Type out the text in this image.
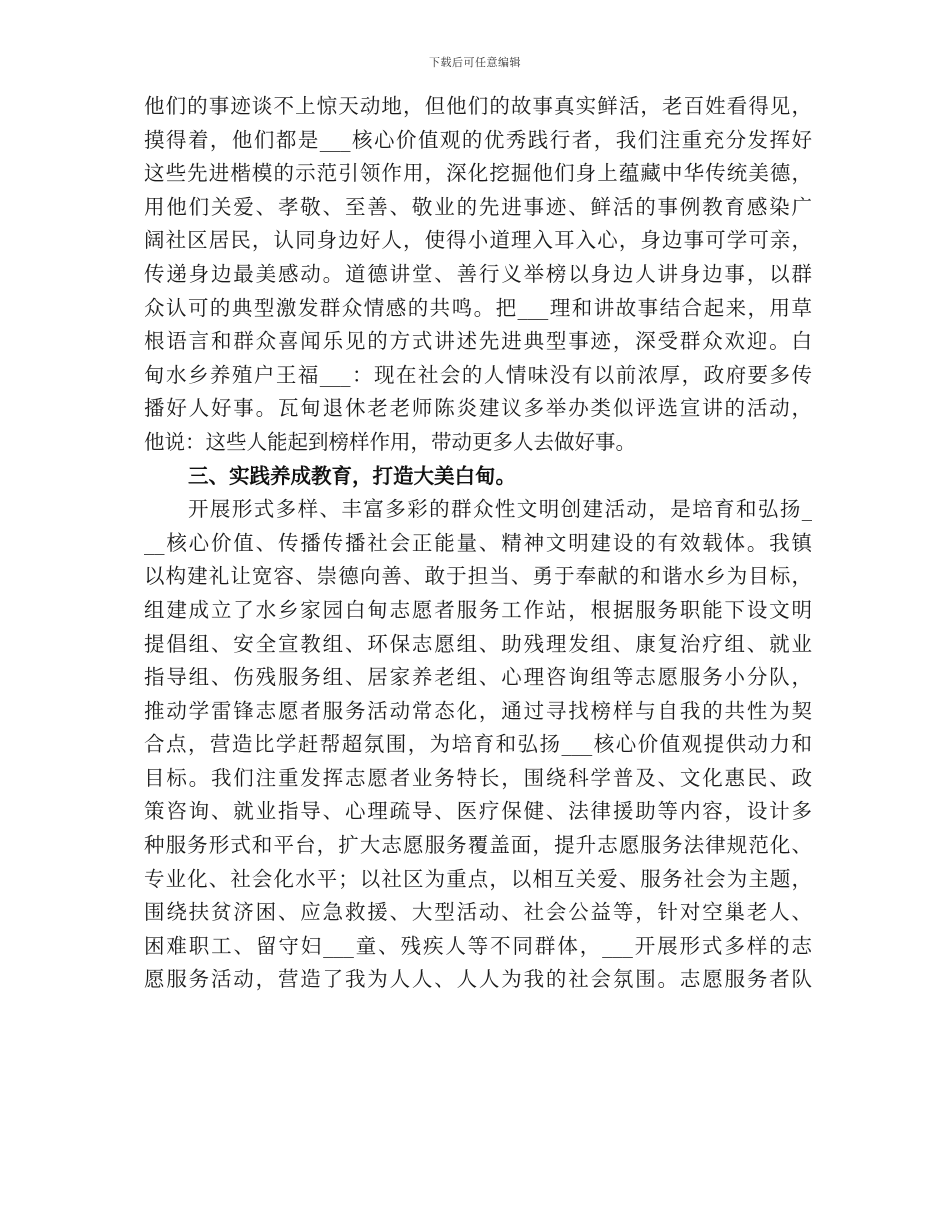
下载后可任意编辑
他们的事迹谈不上惊天动地，但他们的故事真实鲜活，老百姓看得见，
摸得着，他们都是___核心价值观的优秀践行者，我们注重充分发挥好
这些先进楷模的示范引领作用，深化挖掘他们身上蕴藏中华传统美德，
用他们关爱、孝敬、至善、敬业的先进事迹、鲜活的事例教育感染广
阔社区居民，认同身边好人，使得小道理入耳入心，身边事可学可亲，
传递身边最美感动。道德讲堂、善行义举榜以身边人讲身边事，以群
众认可的典型激发群众情感的共鸣。把___理和讲故事结合起来，用草
根语言和群众喜闻乐见的方式讲述先进典型事迹，深受群众欢迎。白
甸水乡养殖户王福___：现在社会的人情味没有以前浓厚，政府要多传
播好人好事。瓦甸退休老老师陈炎建议多举办类似评选宣讲的活动，
他说：这些人能起到榜样作用，带动更多人去做好事。

三、实践养成教育，打造大美白甸。

开展形式多样、丰富多彩的群众性文明创建活动，是培育和弘扬_
__核心价值、传播传播社会正能量、精神文明建设的有效载体。我镇
以构建礼让宽容、崇德向善、敢于担当、勇于奉献的和谐水乡为目标，
组建成立了水乡家园白甸志愿者服务工作站，根据服务职能下设文明
提倡组、安全宣教组、环保志愿组、助残理发组、康复治疗组、就业
指导组、伤残服务组、居家养老组、心理咨询组等志愿服务小分队，
推动学雷锋志愿者服务活动常态化，通过寻找榜样与自我的共性为契
合点，营造比学赶帮超氛围，为培育和弘扬___核心价值观提供动力和
目标。我们注重发挥志愿者业务特长，围绕科学普及、文化惠民、政
策咨询、就业指导、心理疏导、医疗保健、法律援助等内容，设计多
种服务形式和平台，扩大志愿服务覆盖面，提升志愿服务法律规范化、
专业化、社会化水平；以社区为重点，以相互关爱、服务社会为主题，
围绕扶贫济困、应急救援、大型活动、社会公益等，针对空巢老人、
困难职工、留守妇___童、残疾人等不同群体，___开展形式多样的志
愿服务活动，营造了我为人人、人人为我的社会氛围。志愿服务者队
